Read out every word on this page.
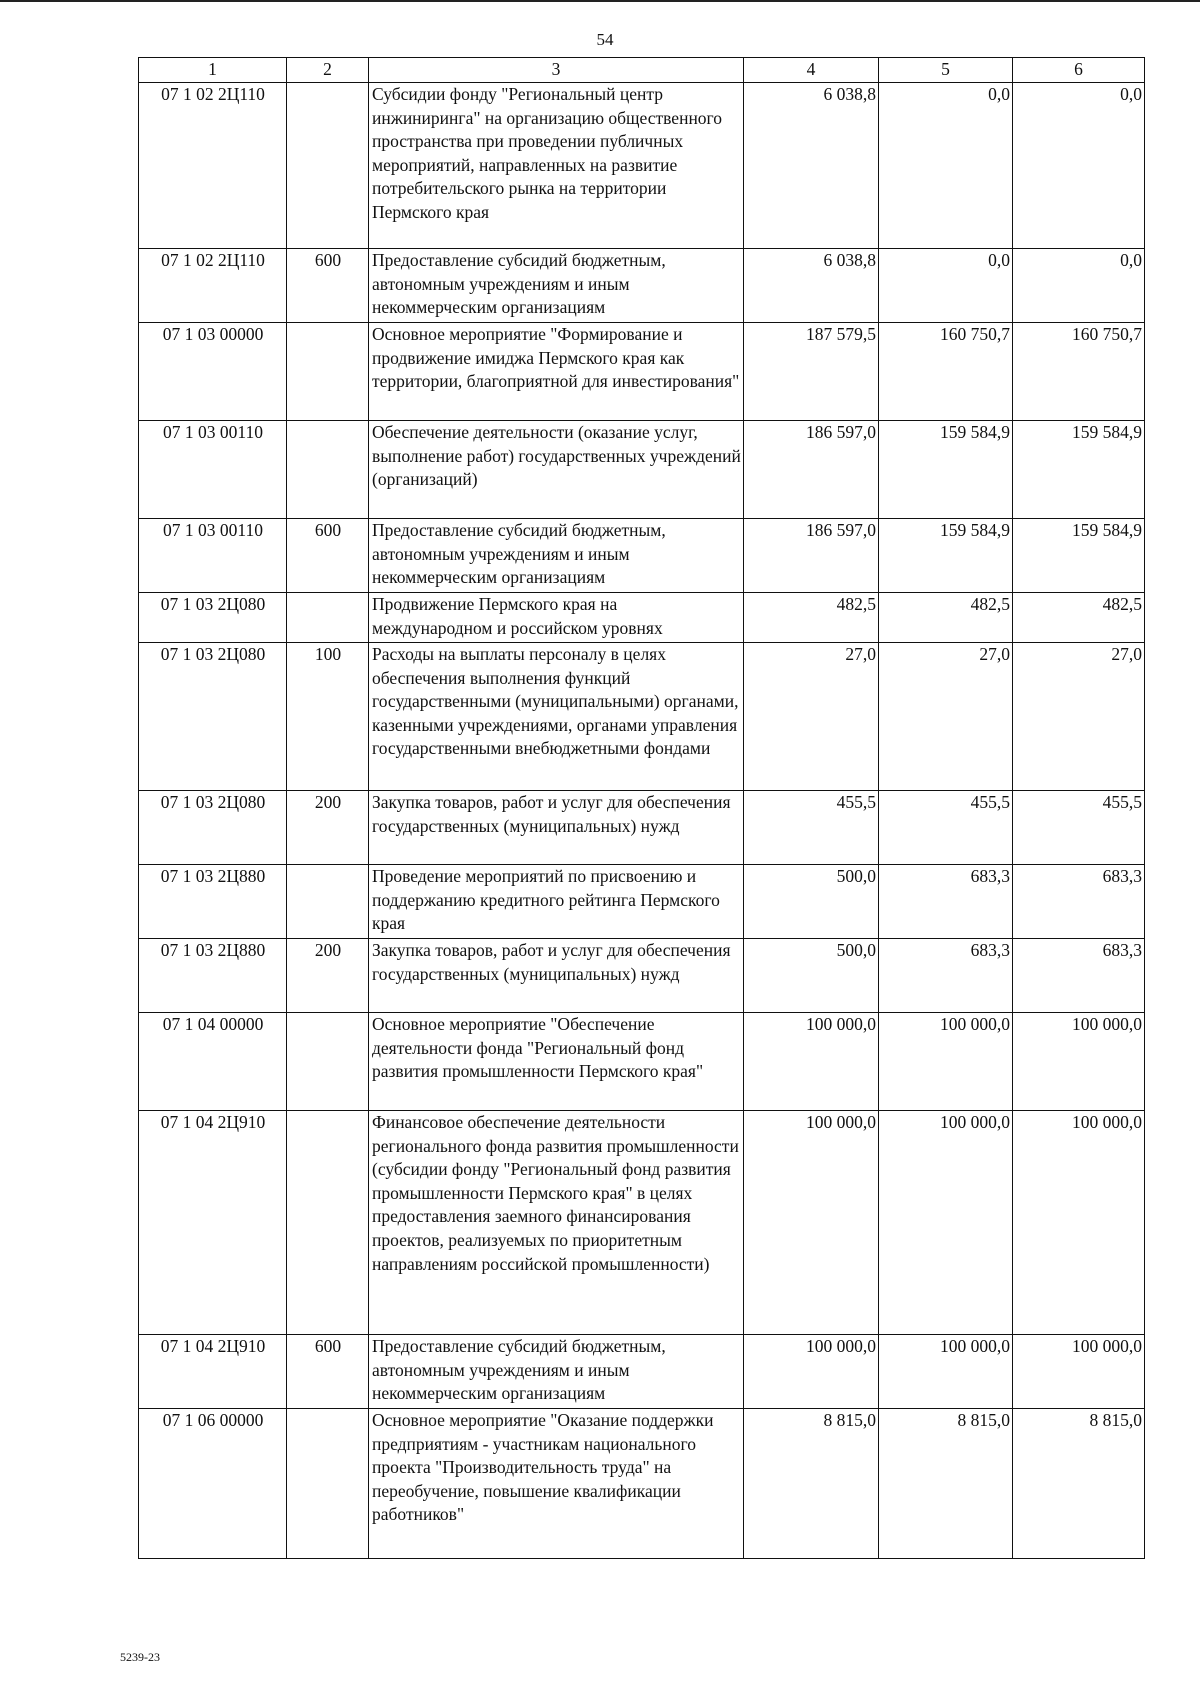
54
1	2	3	4	5	6
07 1 02 2Ц110		Субсидии фонду "Региональный центр инжиниринга" на организацию общественного пространства при проведении публичных мероприятий, направленных на развитие потребительского рынка на территории Пермского края	6 038,8	0,0	0,0
07 1 02 2Ц110	600	Предоставление субсидий бюджетным, автономным учреждениям и иным некоммерческим организациям	6 038,8	0,0	0,0
07 1 03 00000		Основное мероприятие "Формирование и продвижение имиджа Пермского края как территории, благоприятной для инвестирования"	187 579,5	160 750,7	160 750,7
07 1 03 00110		Обеспечение деятельности (оказание услуг, выполнение работ) государственных учреждений (организаций)	186 597,0	159 584,9	159 584,9
07 1 03 00110	600	Предоставление субсидий бюджетным, автономным учреждениям и иным некоммерческим организациям	186 597,0	159 584,9	159 584,9
07 1 03 2Ц080		Продвижение Пермского края на международном и российском уровнях	482,5	482,5	482,5
07 1 03 2Ц080	100	Расходы на выплаты персоналу в целях обеспечения выполнения функций государственными (муниципальными) органами, казенными учреждениями, органами управления государственными внебюджетными фондами	27,0	27,0	27,0
07 1 03 2Ц080	200	Закупка товаров, работ и услуг для обеспечения государственных (муниципальных) нужд	455,5	455,5	455,5
07 1 03 2Ц880		Проведение мероприятий по присвоению и поддержанию кредитного рейтинга Пермского края	500,0	683,3	683,3
07 1 03 2Ц880	200	Закупка товаров, работ и услуг для обеспечения государственных (муниципальных) нужд	500,0	683,3	683,3
07 1 04 00000		Основное мероприятие "Обеспечение деятельности фонда "Региональный фонд развития промышленности Пермского края"	100 000,0	100 000,0	100 000,0
07 1 04 2Ц910		Финансовое обеспечение деятельности регионального фонда развития промышленности (субсидии фонду "Региональный фонд развития промышленности Пермского края" в целях предоставления заемного финансирования проектов, реализуемых по приоритетным направлениям российской промышленности)	100 000,0	100 000,0	100 000,0
07 1 04 2Ц910	600	Предоставление субсидий бюджетным, автономным учреждениям и иным некоммерческим организациям	100 000,0	100 000,0	100 000,0
07 1 06 00000		Основное мероприятие "Оказание поддержки предприятиям - участникам национального проекта "Производительность труда" на переобучение, повышение квалификации работников"	8 815,0	8 815,0	8 815,0
5239-23
